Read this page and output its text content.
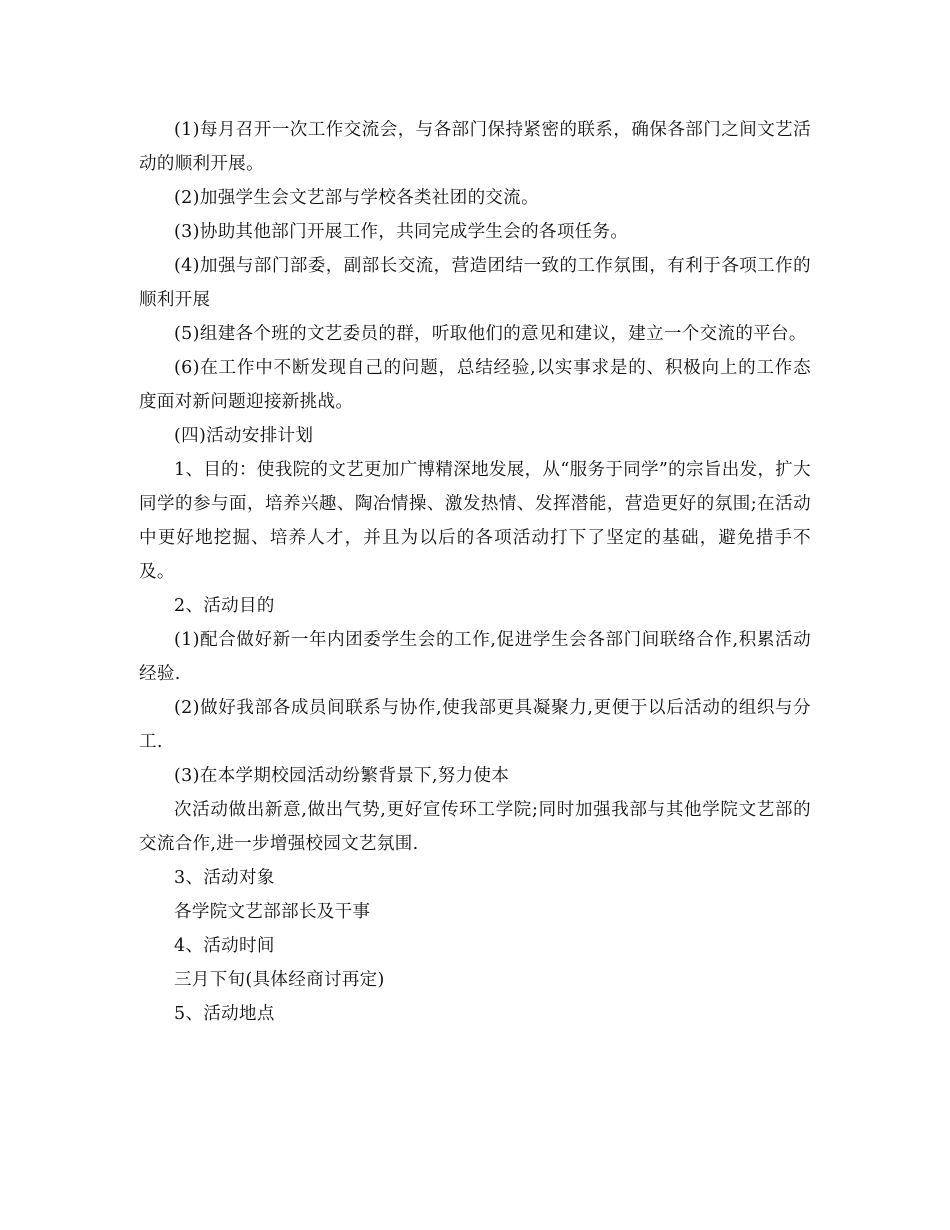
(1)每月召开一次工作交流会，与各部门保持紧密的联系，确保各部门之间文艺活动的顺利开展。

(2)加强学生会文艺部与学校各类社团的交流。

(3)协助其他部门开展工作，共同完成学生会的各项任务。

(4)加强与部门部委，副部长交流，营造团结一致的工作氛围，有利于各项工作的顺利开展

(5)组建各个班的文艺委员的群，听取他们的意见和建议，建立一个交流的平台。

(6)在工作中不断发现自己的问题，总结经验,以实事求是的、积极向上的工作态度面对新问题迎接新挑战。

(四)活动安排计划

1、目的：使我院的文艺更加广博精深地发展，从“服务于同学”的宗旨出发，扩大同学的参与面，培养兴趣、陶冶情操、激发热情、发挥潜能，营造更好的氛围;在活动中更好地挖掘、培养人才，并且为以后的各项活动打下了坚定的基础，避免措手不及。

2、活动目的

(1)配合做好新一年内团委学生会的工作,促进学生会各部门间联络合作,积累活动经验.

(2)做好我部各成员间联系与协作,使我部更具凝聚力,更便于以后活动的组织与分工.

(3)在本学期校园活动纷繁背景下,努力使本

次活动做出新意,做出气势,更好宣传环工学院;同时加强我部与其他学院文艺部的交流合作,进一步增强校园文艺氛围.

3、活动对象

各学院文艺部部长及干事

4、活动时间

三月下旬(具体经商讨再定)

5、活动地点
